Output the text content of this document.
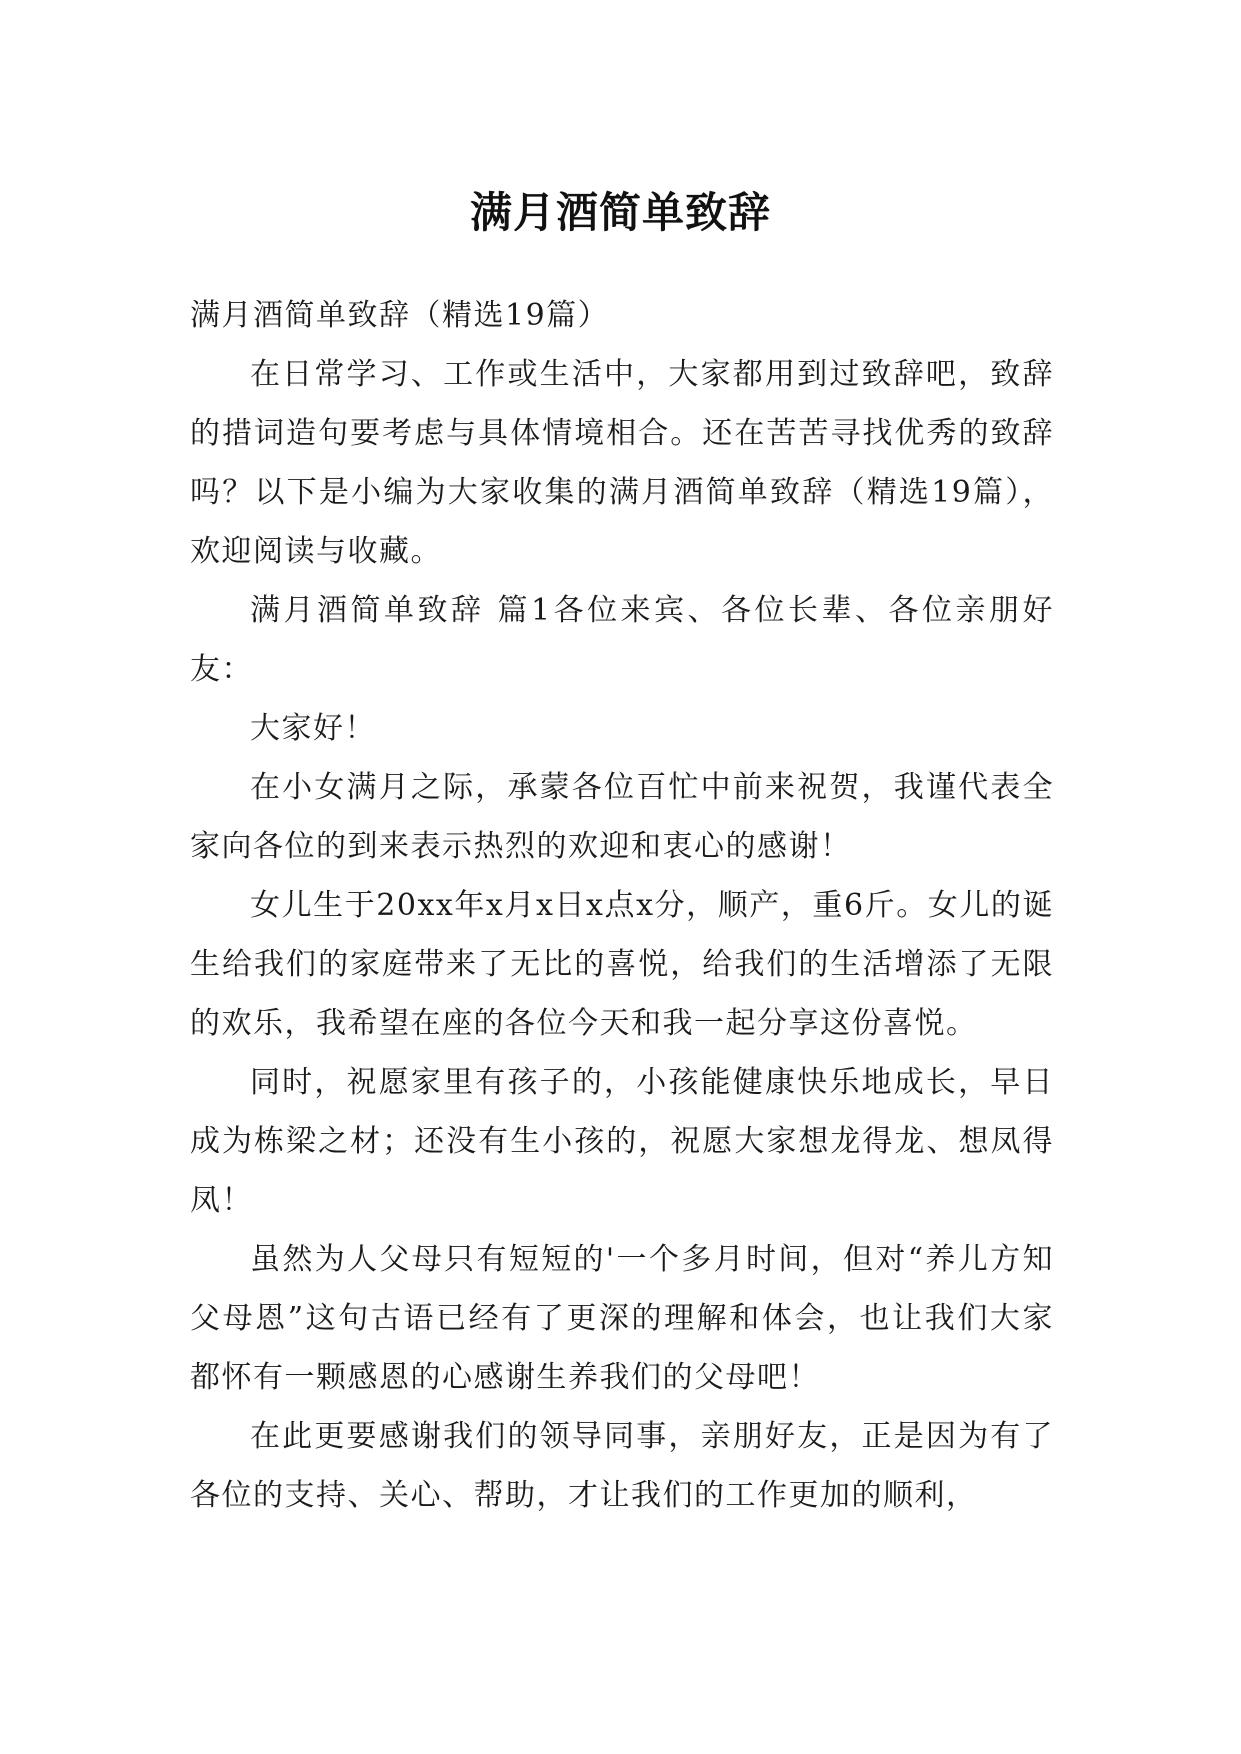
满月酒简单致辞

满月酒简单致辞（精选19篇）

在日常学习、工作或生活中，大家都用到过致辞吧，致辞的措词造句要考虑与具体情境相合。还在苦苦寻找优秀的致辞吗？以下是小编为大家收集的满月酒简单致辞（精选19篇），欢迎阅读与收藏。

满月酒简单致辞 篇1各位来宾、各位长辈、各位亲朋好友：

大家好！

在小女满月之际，承蒙各位百忙中前来祝贺，我谨代表全家向各位的到来表示热烈的欢迎和衷心的感谢！

女儿生于20xx年x月x日x点x分，顺产，重6斤。女儿的诞生给我们的家庭带来了无比的喜悦，给我们的生活增添了无限的欢乐，我希望在座的各位今天和我一起分享这份喜悦。

同时，祝愿家里有孩子的，小孩能健康快乐地成长，早日成为栋梁之材；还没有生小孩的，祝愿大家想龙得龙、想凤得凤！

虽然为人父母只有短短的'一个多月时间，但对“养儿方知父母恩”这句古语已经有了更深的理解和体会，也让我们大家都怀有一颗感恩的心感谢生养我们的父母吧！

在此更要感谢我们的领导同事，亲朋好友，正是因为有了各位的支持、关心、帮助，才让我们的工作更加的顺利，
